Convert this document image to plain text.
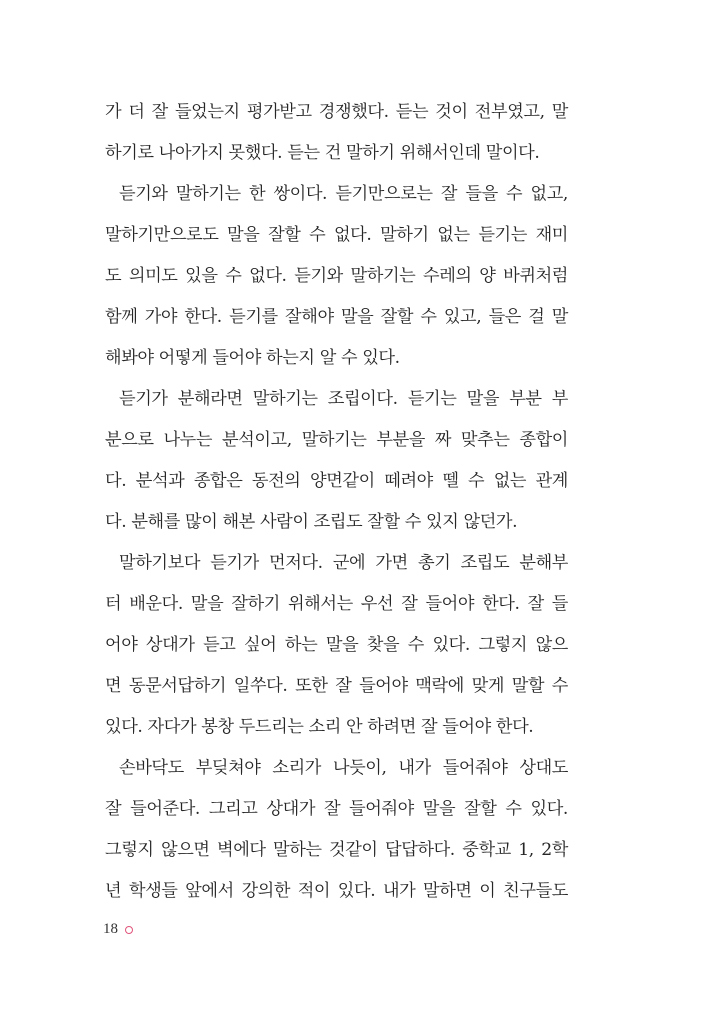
가 더 잘 들었는지 평가받고 경쟁했다. 듣는 것이 전부였고, 말
하기로 나아가지 못했다. 듣는 건 말하기 위해서인데 말이다.
듣기와 말하기는 한 쌍이다. 듣기만으로는 잘 들을 수 없고,
말하기만으로도 말을 잘할 수 없다. 말하기 없는 듣기는 재미
도 의미도 있을 수 없다. 듣기와 말하기는 수레의 양 바퀴처럼
함께 가야 한다. 듣기를 잘해야 말을 잘할 수 있고, 들은 걸 말
해봐야 어떻게 들어야 하는지 알 수 있다.
듣기가 분해라면 말하기는 조립이다. 듣기는 말을 부분 부
분으로 나누는 분석이고, 말하기는 부분을 짜 맞추는 종합이
다. 분석과 종합은 동전의 양면같이 떼려야 뗄 수 없는 관계
다. 분해를 많이 해본 사람이 조립도 잘할 수 있지 않던가.
말하기보다 듣기가 먼저다. 군에 가면 총기 조립도 분해부
터 배운다. 말을 잘하기 위해서는 우선 잘 들어야 한다. 잘 들
어야 상대가 듣고 싶어 하는 말을 찾을 수 있다. 그렇지 않으
면 동문서답하기 일쑤다. 또한 잘 들어야 맥락에 맞게 말할 수
있다. 자다가 봉창 두드리는 소리 안 하려면 잘 들어야 한다.
손바닥도 부딪쳐야 소리가 나듯이, 내가 들어줘야 상대도
잘 들어준다. 그리고 상대가 잘 들어줘야 말을 잘할 수 있다.
그렇지 않으면 벽에다 말하는 것같이 답답하다. 중학교 1, 2학
년 학생들 앞에서 강의한 적이 있다. 내가 말하면 이 친구들도
18
